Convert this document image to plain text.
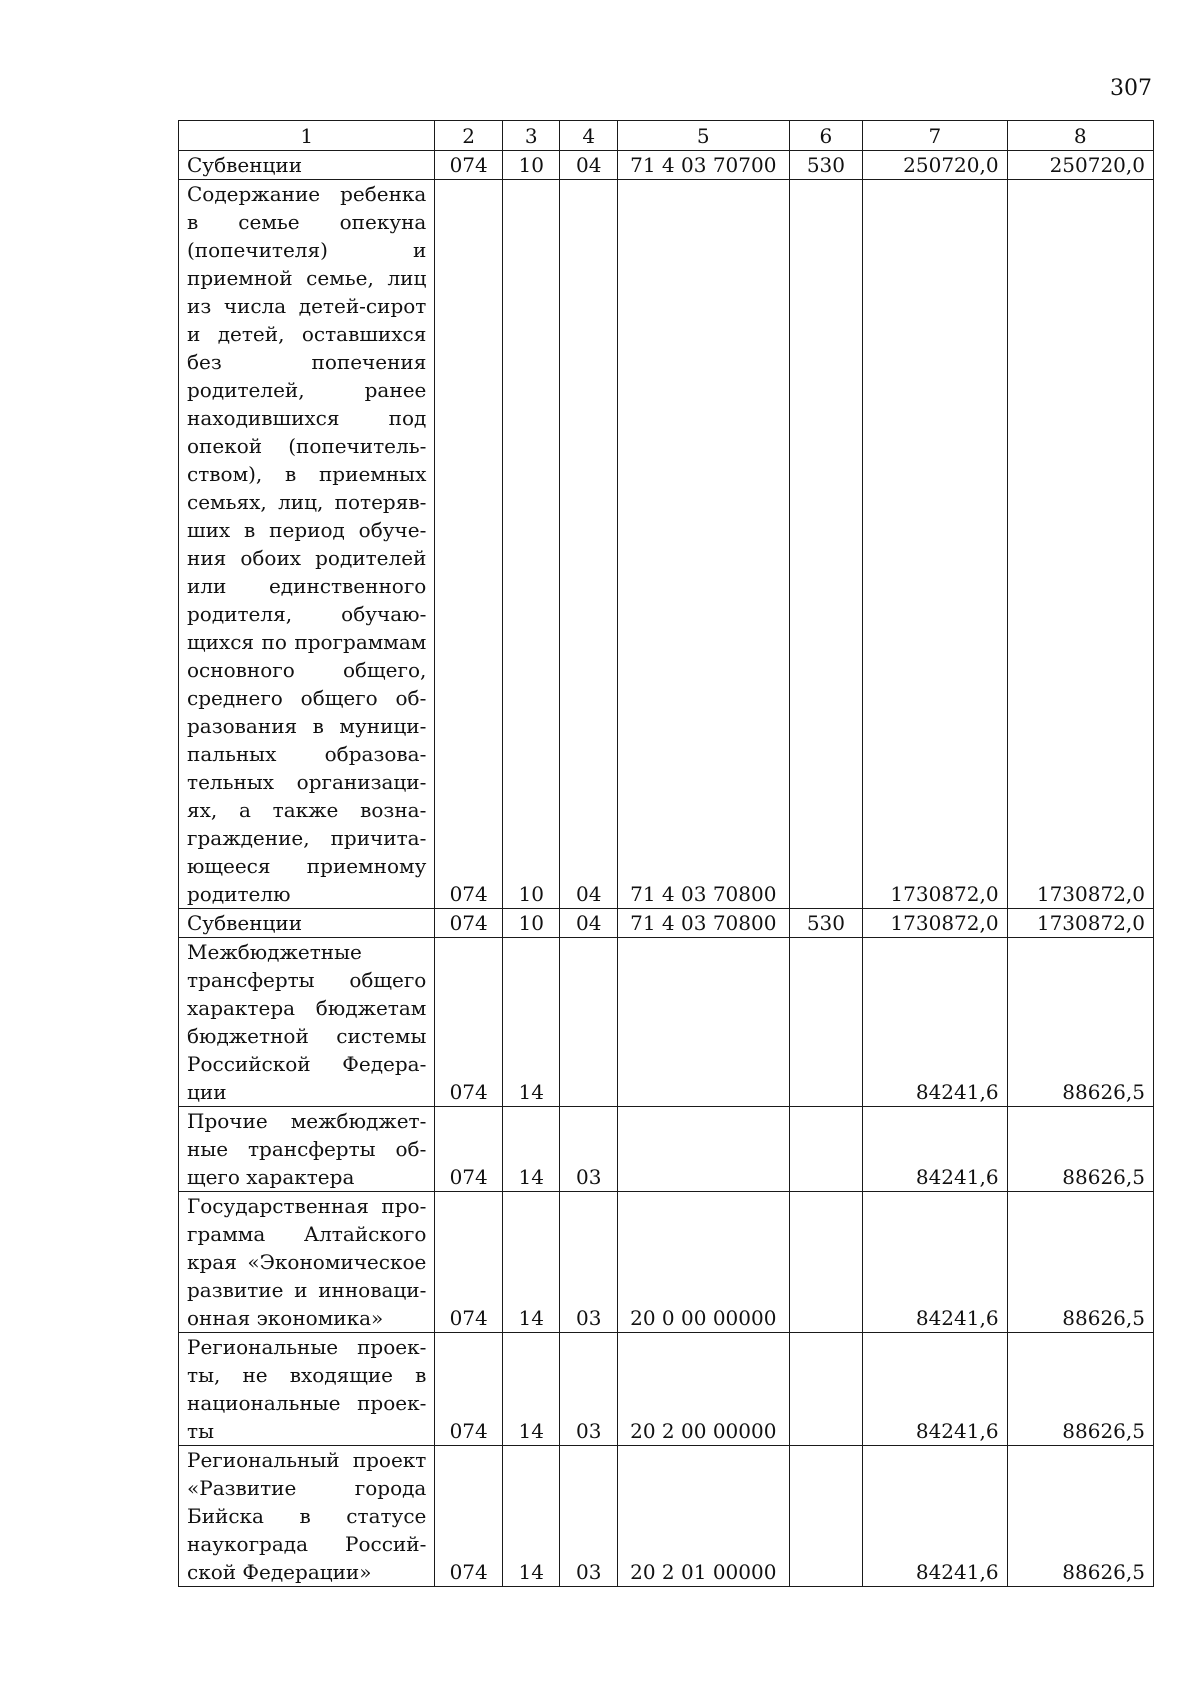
307
1	2	3	4	5	6	7	8

Субвенции	074	10	04	71 4 03 70700	530	250720,0	250720,0

Содержание ребенка в семье опекуна (попечителя) и приемной семье, лиц из числа детей-сирот и детей, оставшихся без попечения родителей, ранее находившихся под опекой (попечительством), в приемных семьях, лиц, потерявших в период обучения обоих родителей или единственного родителя, обучающихся по программам основного общего, среднего общего образования в муниципальных образовательных организациях, а также вознаграждение, причитающееся приемному родителю	074	10	04	71 4 03 70800		1730872,0	1730872,0

Субвенции	074	10	04	71 4 03 70800	530	1730872,0	1730872,0

Межбюджетные трансферты общего характера бюджетам бюджетной системы Российской Федерации	074	14				84241,6	88626,5

Прочие межбюджетные трансферты общего характера	074	14	03			84241,6	88626,5

Государственная программа Алтайского края «Экономическое развитие и инновационная экономика»	074	14	03	20 0 00 00000		84241,6	88626,5

Региональные проекты, не входящие в национальные проекты	074	14	03	20 2 00 00000		84241,6	88626,5

Региональный проект «Развитие города Бийска в статусе наукограда Российской Федерации»	074	14	03	20 2 01 00000		84241,6	88626,5
